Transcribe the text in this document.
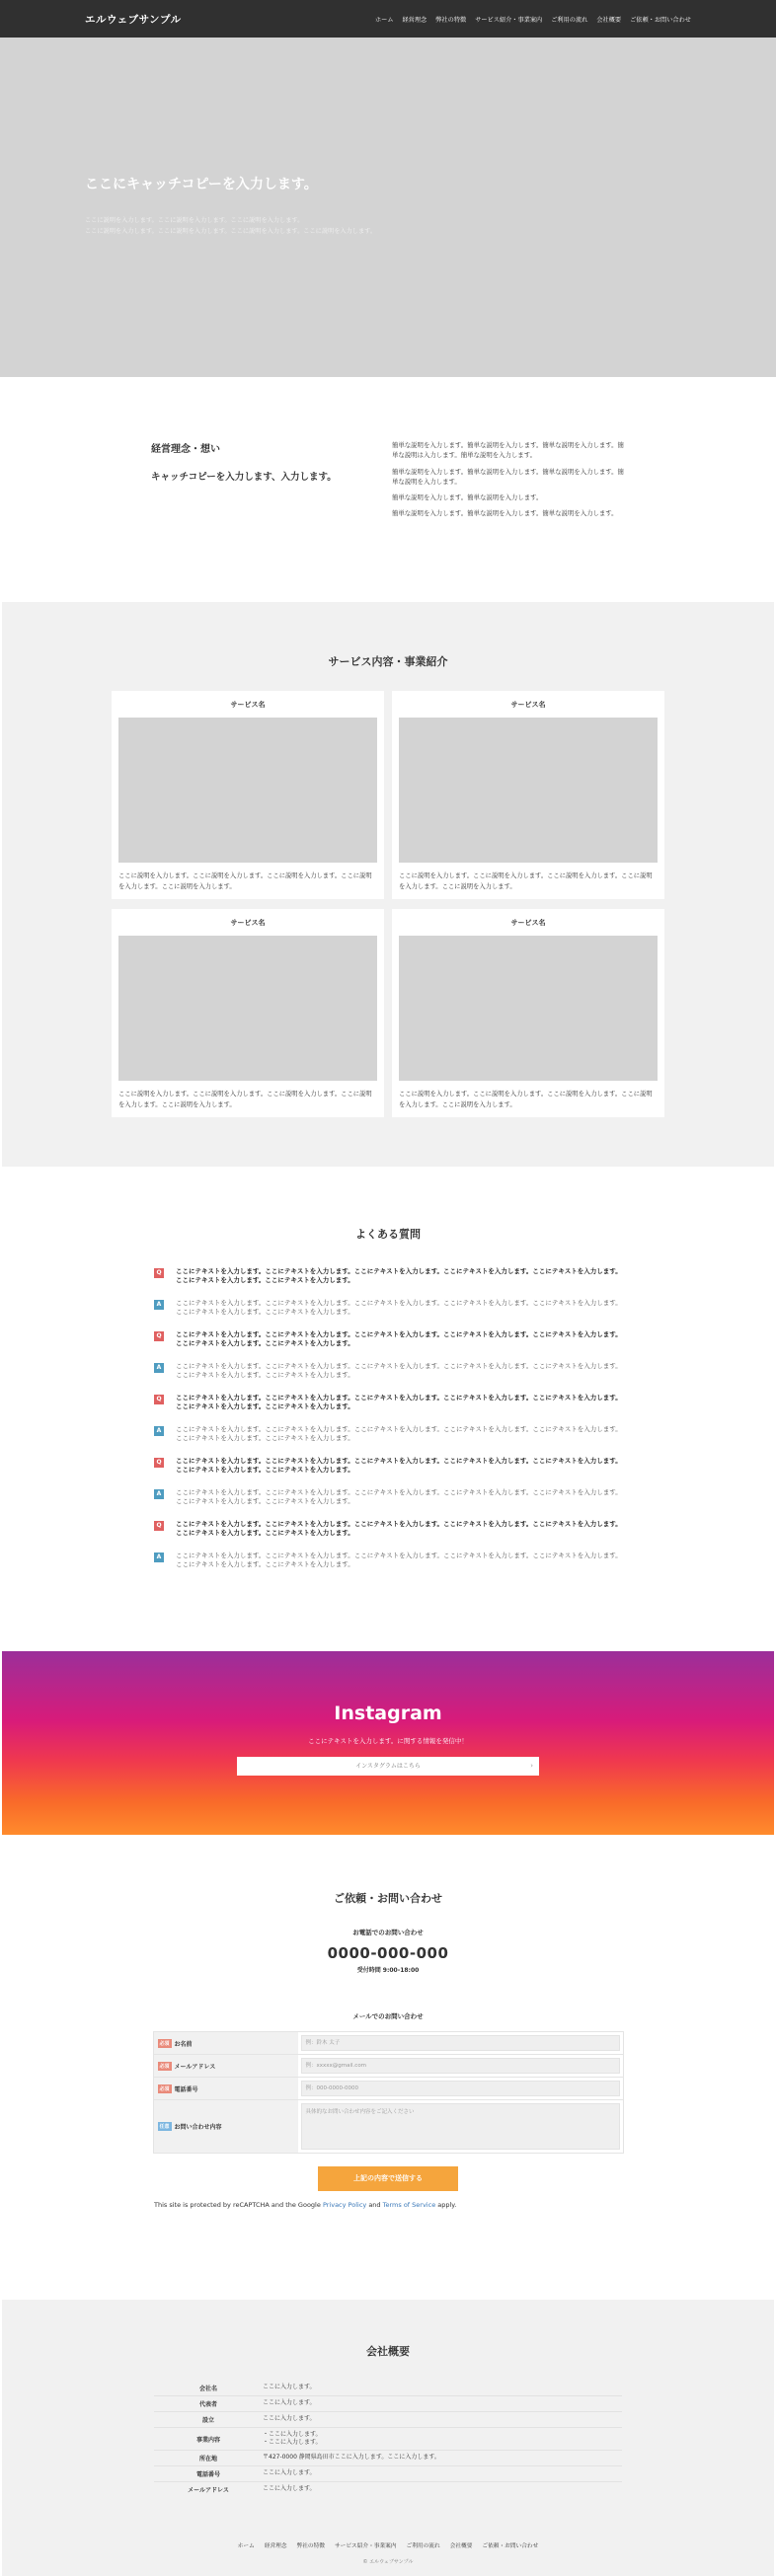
エルウェブサンプル	ホーム 経営理念 弊社の特徴 サービス紹介・事業案内 ご利用の流れ 会社概要 ご依頼・お問い合わせ
ここにキャッチコピーを入力します。
ここに説明を入力します。ここに説明を入力します。ここに説明を入力します。
ここに説明を入力します。ここに説明を入力します。ここに説明を入力します。ここに説明を入力します。
経営理念・想い
キャッチコピーを入力します、入力します。

簡単な説明を入力します。簡単な説明を入力します。簡単な説明を入力します。簡単な説明は入力します。簡単な説明を入力します。

簡単な説明を入力します。簡単な説明を入力します。簡単な説明を入力します。簡単な説明を入力します。

簡単な説明を入力します。簡単な説明を入力します。

簡単な説明を入力します。簡単な説明を入力します。簡単な説明を入力します。

サービス内容・事業紹介
サービス名
ここに説明を入力します。ここに説明を入力します。ここに説明を入力します。ここに説明を入力します。ここに説明を入力します。
サービス名
ここに説明を入力します。ここに説明を入力します。ここに説明を入力します。ここに説明を入力します。ここに説明を入力します。
サービス名
ここに説明を入力します。ここに説明を入力します。ここに説明を入力します。ここに説明を入力します。ここに説明を入力します。
サービス名
ここに説明を入力します。ここに説明を入力します。ここに説明を入力します。ここに説明を入力します。ここに説明を入力します。
よくある質問
Q	ここにテキストを入力します。ここにテキストを入力します。ここにテキストを入力します。ここにテキストを入力します。ここにテキストを入力します。ここにテキストを入力します。ここにテキストを入力します。
A	ここにテキストを入力します。ここにテキストを入力します。ここにテキストを入力します。ここにテキストを入力します。ここにテキストを入力します。ここにテキストを入力します。ここにテキストを入力します。
Q	ここにテキストを入力します。ここにテキストを入力します。ここにテキストを入力します。ここにテキストを入力します。ここにテキストを入力します。ここにテキストを入力します。ここにテキストを入力します。
A	ここにテキストを入力します。ここにテキストを入力します。ここにテキストを入力します。ここにテキストを入力します。ここにテキストを入力します。ここにテキストを入力します。ここにテキストを入力します。
Q	ここにテキストを入力します。ここにテキストを入力します。ここにテキストを入力します。ここにテキストを入力します。ここにテキストを入力します。ここにテキストを入力します。ここにテキストを入力します。
A	ここにテキストを入力します。ここにテキストを入力します。ここにテキストを入力します。ここにテキストを入力します。ここにテキストを入力します。ここにテキストを入力します。ここにテキストを入力します。
Q	ここにテキストを入力します。ここにテキストを入力します。ここにテキストを入力します。ここにテキストを入力します。ここにテキストを入力します。ここにテキストを入力します。ここにテキストを入力します。
A	ここにテキストを入力します。ここにテキストを入力します。ここにテキストを入力します。ここにテキストを入力します。ここにテキストを入力します。ここにテキストを入力します。ここにテキストを入力します。
Q	ここにテキストを入力します。ここにテキストを入力します。ここにテキストを入力します。ここにテキストを入力します。ここにテキストを入力します。ここにテキストを入力します。ここにテキストを入力します。
A	ここにテキストを入力します。ここにテキストを入力します。ここにテキストを入力します。ここにテキストを入力します。ここにテキストを入力します。ここにテキストを入力します。ここにテキストを入力します。
Instagram
ここにテキストを入力します。に関する情報を発信中！
インスタグラムはこちら	›
ご依頼・お問い合わせ
お電話でのお問い合わせ
0000-000-000
受付時間 9:00-18:00
メールでのお問い合わせ
必須 お名前	例：鈴木 太子
必須 メールアドレス	例：xxxxx@gmail.com
必須 電話番号	例：000-0000-0000
任意 お問い合わせ内容
具体的なお問い合わせ内容をご記入ください
上記の内容で送信する
This site is protected by reCAPTCHA and the Google Privacy Policy and Terms of Service apply.
会社概要
会社名	ここに入力します。
代表者	ここに入力します。
設立	ここに入力します。
事業内容
・ここに入力します。
・ここに入力します。
所在地	〒427-0000 静岡県島田市ここに入力します。ここに入力します。
電話番号	ここに入力します。
メールアドレス	ここに入力します。
ホーム 経営理念 弊社の特徴 サービス紹介・事業案内 ご利用の流れ 会社概要 ご依頼・お問い合わせ
© エルウェブサンプル
